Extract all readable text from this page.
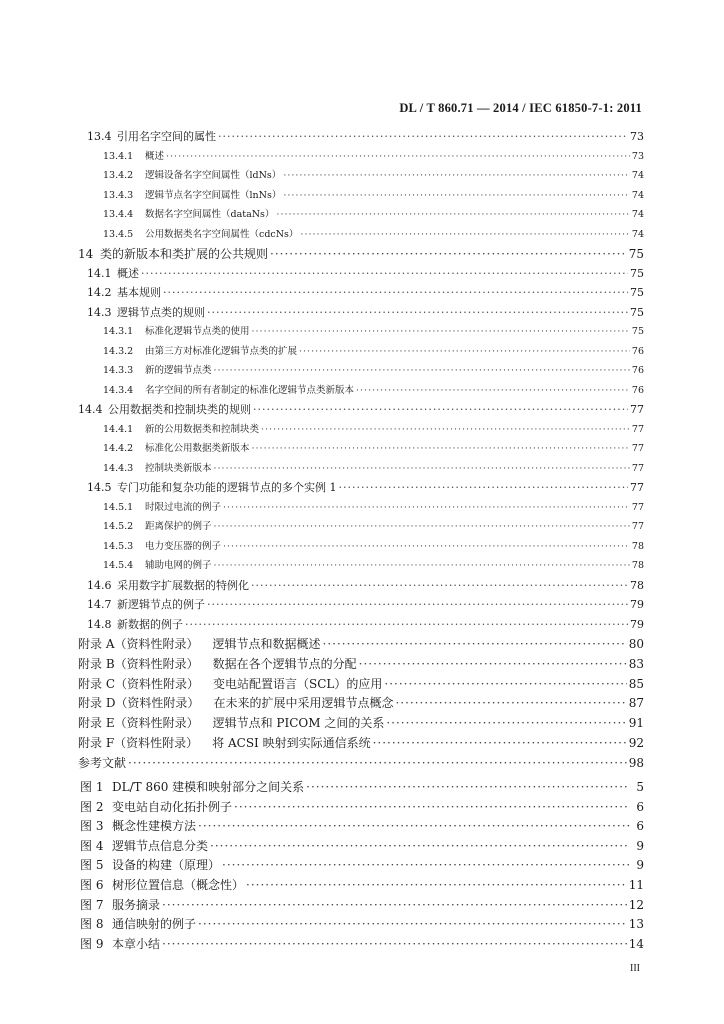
DL / T 860.71 — 2014 / IEC 61850-7-1: 2011
13.4 引用名字空间的属性 ·····	73
13.4.1	概述 ·····	73
13.4.2	逻辑设备名字空间属性（ldNs） ·····	74
13.4.3	逻辑节点名字空间属性（lnNs） ·····	74
13.4.4	数据名字空间属性（dataNs） ·····	74
13.4.5	公用数据类名字空间属性（cdcNs） ·····	74
14 类的新版本和类扩展的公共规则 ·····	75
14.1 概述 ·····	75
14.2 基本规则 ·····	75
14.3 逻辑节点类的规则 ·····	75
14.3.1	标准化逻辑节点类的使用 ·····	75
14.3.2	由第三方对标准化逻辑节点类的扩展 ·····	76
14.3.3	新的逻辑节点类 ·····	76
14.3.4	名字空间的所有者制定的标准化逻辑节点类新版本 ·····	76
14.4 公用数据类和控制块类的规则 ·····	77
14.4.1	新的公用数据类和控制块类 ·····	77
14.4.2	标准化公用数据类新版本 ·····	77
14.4.3	控制块类新版本 ·····	77
14.5 专门功能和复杂功能的逻辑节点的多个实例 1 ·····	77
14.5.1	时限过电流的例子 ·····	77
14.5.2	距离保护的例子 ·····	77
14.5.3	电力变压器的例子 ·····	78
14.5.4	辅助电网的例子 ·····	78
14.6 采用数字扩展数据的特例化 ·····	78
14.7 新逻辑节点的例子 ·····	79
14.8 新数据的例子 ·····	79
附录 A（资料性附录） 逻辑节点和数据概述 ·····	80
附录 B（资料性附录） 数据在各个逻辑节点的分配 ·····	83
附录 C（资料性附录） 变电站配置语言（SCL）的应用 ·····	85
附录 D（资料性附录） 在未来的扩展中采用逻辑节点概念 ·····	87
附录 E（资料性附录） 逻辑节点和 PICOM 之间的关系 ·····	91
附录 F（资料性附录） 将 ACSI 映射到实际通信系统 ·····	92
参考文献 ·····	98
图 1 DL/T 860 建模和映射部分之间关系 ·····	5
图 2 变电站自动化拓扑例子 ·····	6
图 3 概念性建模方法 ·····	6
图 4 逻辑节点信息分类 ·····	9
图 5 设备的构建（原理） ·····	9
图 6 树形位置信息（概念性） ·····	11
图 7 服务摘录 ·····	12
图 8 通信映射的例子 ·····	13
图 9 本章小结 ·····	14
III
